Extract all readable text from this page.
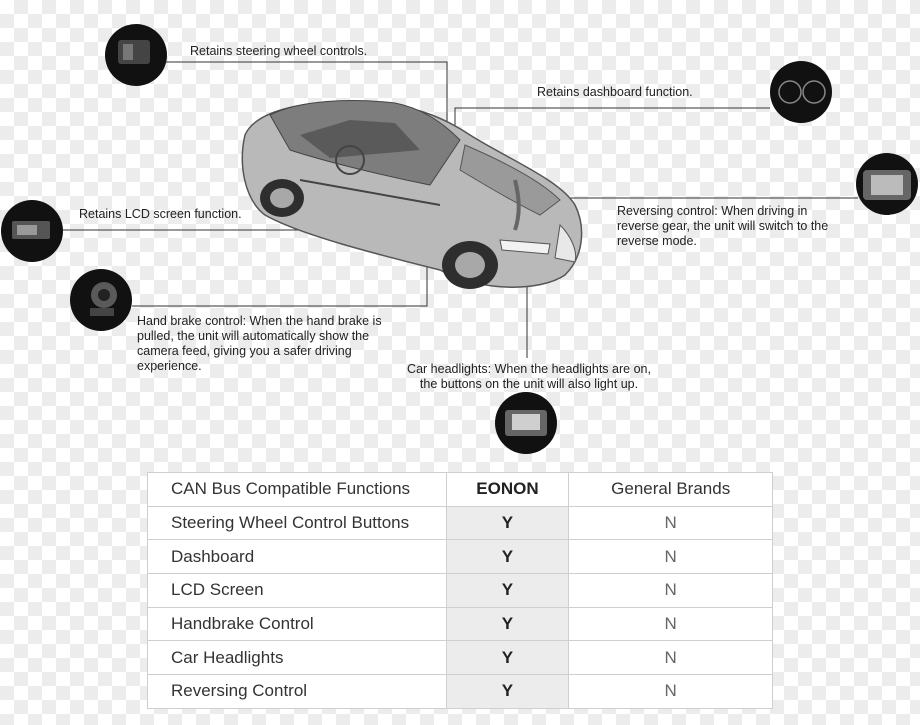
Retains steering wheel controls.

Retains dashboard function.

Retains LCD screen function.	Reversing control: When driving in reverse gear, the unit will switch to the reverse mode.

Hand brake control: When the hand brake is pulled, the unit will automatically show the camera feed, giving you a safer driving experience.	Car headlights: When the headlights are on, the buttons on the unit will also light up.

CAN Bus Compatible Functions	EONON	General Brands
Steering Wheel Control Buttons	Y	N
Dashboard	Y	N
LCD Screen	Y	N
Handbrake Control	Y	N
Car Headlights	Y	N
Reversing Control	Y	N
